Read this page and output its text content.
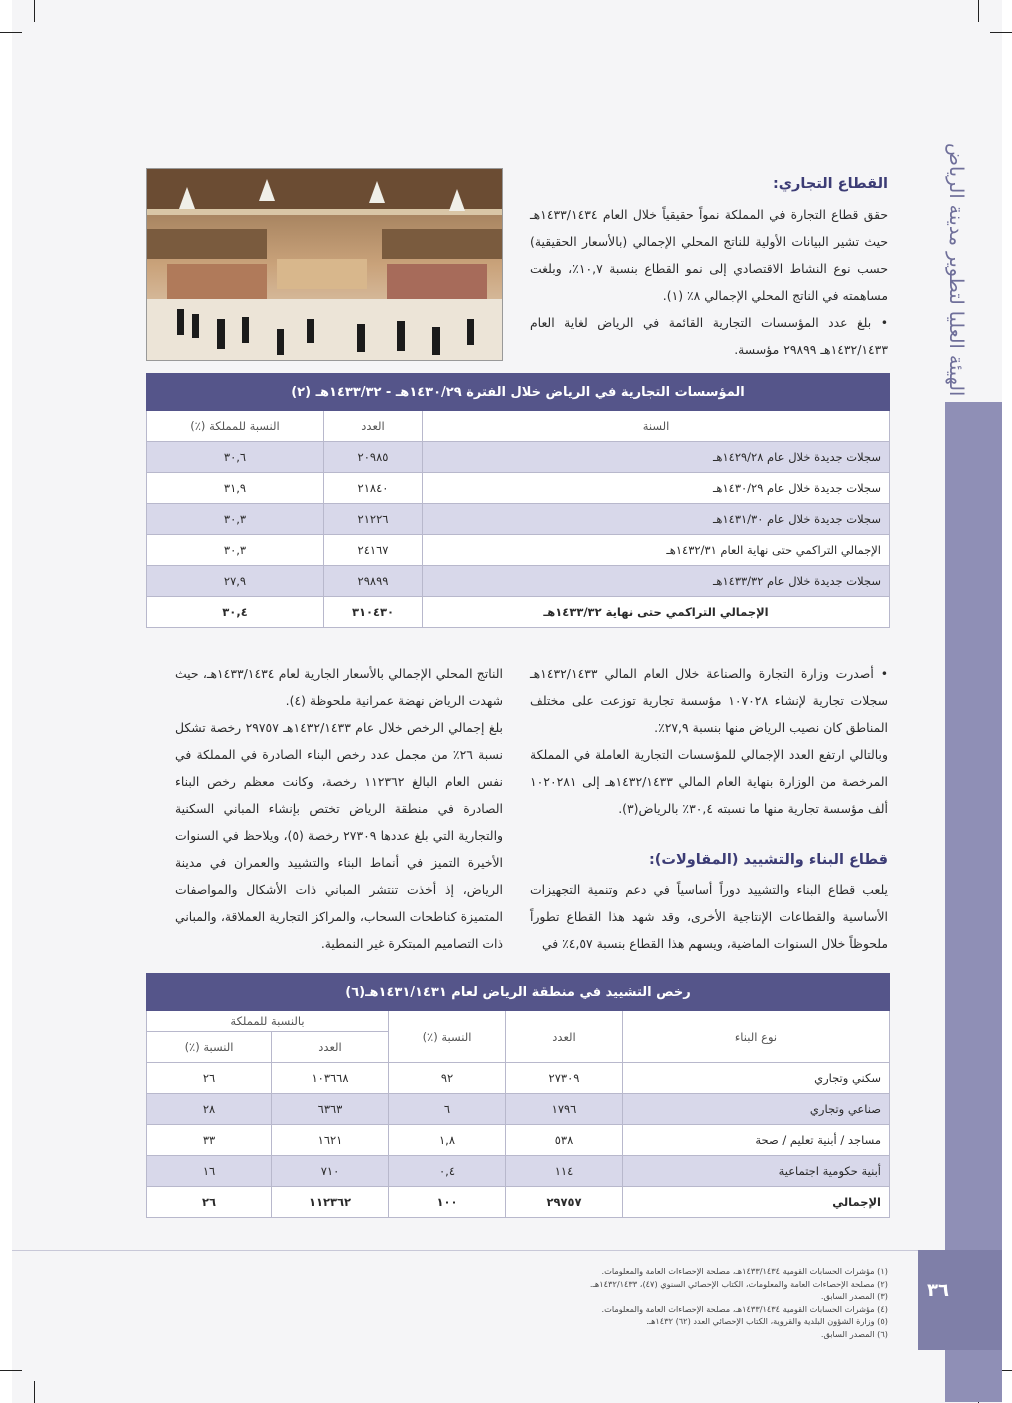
الهيئة العليا لتطوير مدينة الرياض
٣٦
القطاع التجاري:
حقق قطاع التجارة في المملكة نمواً حقيقياً خلال العام ١٤٣٣/١٤٣٤هـ حيث تشير البيانات الأولية للناتج المحلي الإجمالي (بالأسعار الحقيقية) حسب نوع النشاط الاقتصادي إلى نمو القطاع بنسبة ١٠,٧٪، وبلغت مساهمته في الناتج المحلي الإجمالي ٨٪ (١).
• بلغ عدد المؤسسات التجارية القائمة في الرياض لغاية العام ١٤٣٢/١٤٣٣هـ ٢٩٨٩٩ مؤسسة.
المؤسسات التجارية في الرياض خلال الفترة ١٤٣٠/٢٩هـ - ١٤٣٣/٣٢هـ (٢)		
السنة	العدد	النسبة للمملكة (٪)
سجلات جديدة خلال عام ١٤٢٩/٢٨هـ	٢٠٩٨٥	٣٠,٦
سجلات جديدة خلال عام ١٤٣٠/٢٩هـ	٢١٨٤٠	٣١,٩
سجلات جديدة خلال عام ١٤٣١/٣٠هـ	٢١٢٢٦	٣٠,٣
الإجمالي التراكمي حتى نهاية العام ١٤٣٢/٣١هـ	٢٤١٦٧	٣٠,٣
سجلات جديدة خلال عام ١٤٣٣/٣٢هـ	٢٩٨٩٩	٢٧,٩
الإجمالي التراكمي حتى نهاية ١٤٣٣/٣٢هـ	٣١٠٤٣٠	٣٠,٤
• أصدرت وزارة التجارة والصناعة خلال العام المالي ١٤٣٢/١٤٣٣هـ سجلات تجارية لإنشاء ١٠٧٠٢٨ مؤسسة تجارية توزعت على مختلف المناطق كان نصيب الرياض منها بنسبة ٢٧,٩٪.
وبالتالي ارتفع العدد الإجمالي للمؤسسات التجارية العاملة في المملكة المرخصة من الوزارة بنهاية العام المالي ١٤٣٢/١٤٣٣هـ إلى ١٠٢٠٢٨١ ألف مؤسسة تجارية منها ما نسبته ٣٠,٤٪ بالرياض(٣).
قطاع البناء والتشييد (المقاولات):
يلعب قطاع البناء والتشييد دوراً أساسياً في دعم وتنمية التجهيزات الأساسية والقطاعات الإنتاجية الأخرى، وقد شهد هذا القطاع تطوراً ملحوظاً خلال السنوات الماضية، ويسهم هذا القطاع بنسبة ٤,٥٧٪ في
الناتج المحلي الإجمالي بالأسعار الجارية لعام ١٤٣٣/١٤٣٤هـ، حيث شهدت الرياض نهضة عمرانية ملحوظة (٤).
بلغ إجمالي الرخص خلال عام ١٤٣٢/١٤٣٣هـ ٢٩٧٥٧ رخصة تشكل نسبة ٢٦٪ من مجمل عدد رخص البناء الصادرة في المملكة في نفس العام البالغ ١١٢٣٦٢ رخصة، وكانت معظم رخص البناء الصادرة في منطقة الرياض تختص بإنشاء المباني السكنية والتجارية التي بلغ عددها ٢٧٣٠٩ رخصة (٥)، ويلاحظ في السنوات الأخيرة التميز في أنماط البناء والتشييد والعمران في مدينة الرياض، إذ أخذت تنتشر المباني ذات الأشكال والمواصفات المتميزة كناطحات السحاب، والمراكز التجارية العملاقة، والمباني ذات التصاميم المبتكرة غير النمطية.
رخص التشييد في منطقة الرياض لعام ١٤٣١/١٤٣١هـ(٦)				
نوع البناء	العدد	النسبة (٪)	بالنسبة للمملكة	
			العدد	النسبة (٪)
سكني وتجاري	٢٧٣٠٩	٩٢	١٠٣٦٦٨	٢٦
صناعي وتجاري	١٧٩٦	٦	٦٣٦٣	٢٨
مساجد / أبنية تعليم / صحة	٥٣٨	١,٨	١٦٢١	٣٣
أبنية حكومية اجتماعية	١١٤	٠,٤	٧١٠	١٦
الإجمالي	٢٩٧٥٧	١٠٠	١١٢٣٦٢	٢٦
(١) مؤشرات الحسابات القومية ١٤٣٣/١٤٣٤هـ، مصلحة الإحصاءات العامة والمعلومات.
(٢) مصلحة الإحصاءات العامة والمعلومات، الكتاب الإحصائي السنوي (٤٧)، ١٤٣٢/١٤٣٣هـ.
(٣) المصدر السابق.
(٤) مؤشرات الحسابات القومية ١٤٣٣/١٤٣٤هـ، مصلحة الإحصاءات العامة والمعلومات.
(٥) وزارة الشؤون البلدية والقروية، الكتاب الإحصائي العدد (٦٢) ١٤٣٢هـ.
(٦) المصدر السابق.
